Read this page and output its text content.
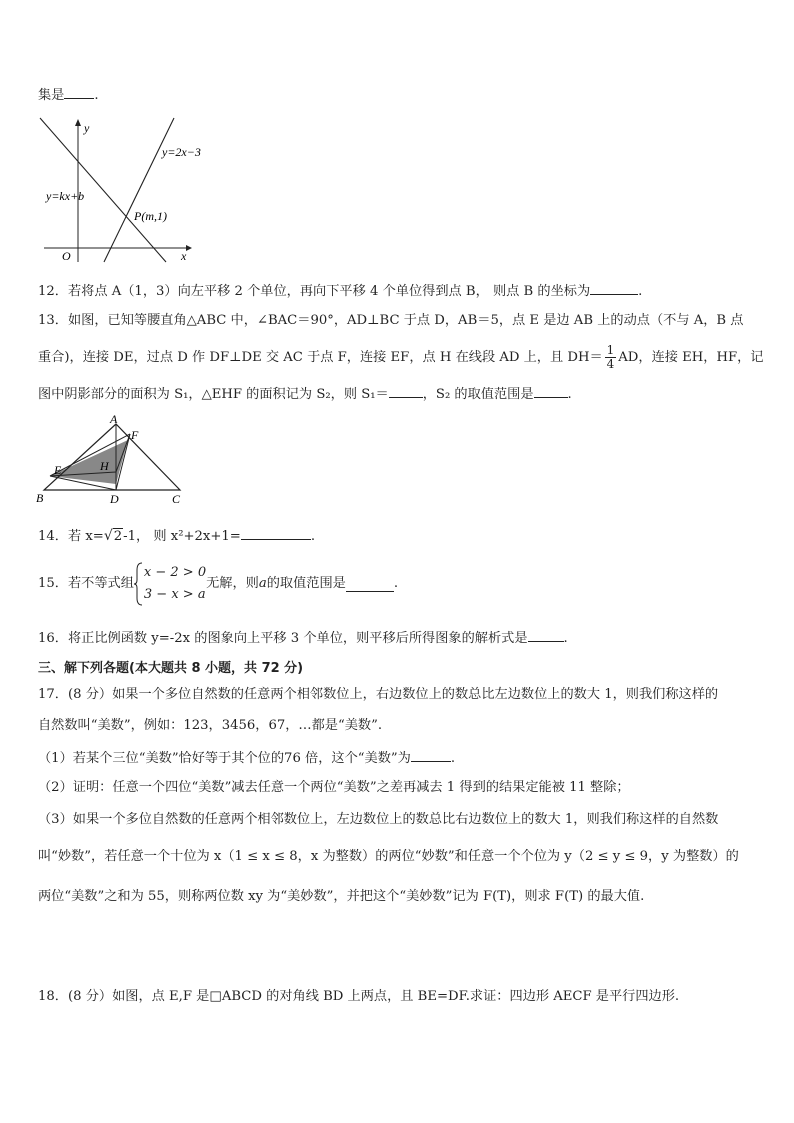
集是 .
y
x
O
y=kx+b
y=2x−3
P(m,1)
12．若将点 A（1，3）向左平移 2 个单位，再向下平移 4 个单位得到点 B， 则点 B 的坐标为	.
13．如图，已知等腰直角△ABC 中，∠BAC＝90°，AD⊥BC 于点 D，AB＝5，点 E 是边 AB 上的动点（不与 A，B 点
重合)，连接 DE，过点 D 作 DF⊥DE 交 AC 于点 F，连接 EF，点 H 在线段 AD 上，且 $DH= \frac{1}{4}$ AD，连接 EH，HF，记
图中阴影部分的面积为 S₁，△EHF 的面积记为 S₂，则 S₁＝	，S₂ 的取值范围是	.
A
B	C
D
E
F
H
14．若 x=√2-1， 则 x²+2x+1=	.
15．若不等式组
x − 2 > 0
3 − x > a
无解，则a的取值范围是	.
16．将正比例函数 y=-2x 的图象向上平移 3 个单位，则平移后所得图象的解析式是	.
三、解下列各题(本大题共 8 小题，共 72 分)
17．(8 分）如果一个多位自然数的任意两个相邻数位上，右边数位上的数总比左边数位上的数大 1，则我们称这样的
自然数叫“美数”，例如：123，3456，67，…都是“美数”.
（1）若某个三位“美数”恰好等于其个位的76 倍，这个“美数”为	.
（2）证明：任意一个四位“美数”减去任意一个两位“美数”之差再减去 1 得到的结果定能被 11 整除；
（3）如果一个多位自然数的任意两个相邻数位上，左边数位上的数总比右边数位上的数大 1，则我们称这样的自然数
叫“妙数”，若任意一个十位为 x（1 ≤ x ≤ 8，x 为整数）的两位“妙数”和任意一个个位为 y（2 ≤ y ≤ 9，y 为整数）的
两位“美数”之和为 55，则称两位数 xy 为“美妙数”，并把这个“美妙数”记为 F(T)，则求 F(T) 的最大值.
18．(8 分）如图，点 E,F 是□ABCD 的对角线 BD 上两点，且 BE=DF.求证：四边形 AECF 是平行四边形.
